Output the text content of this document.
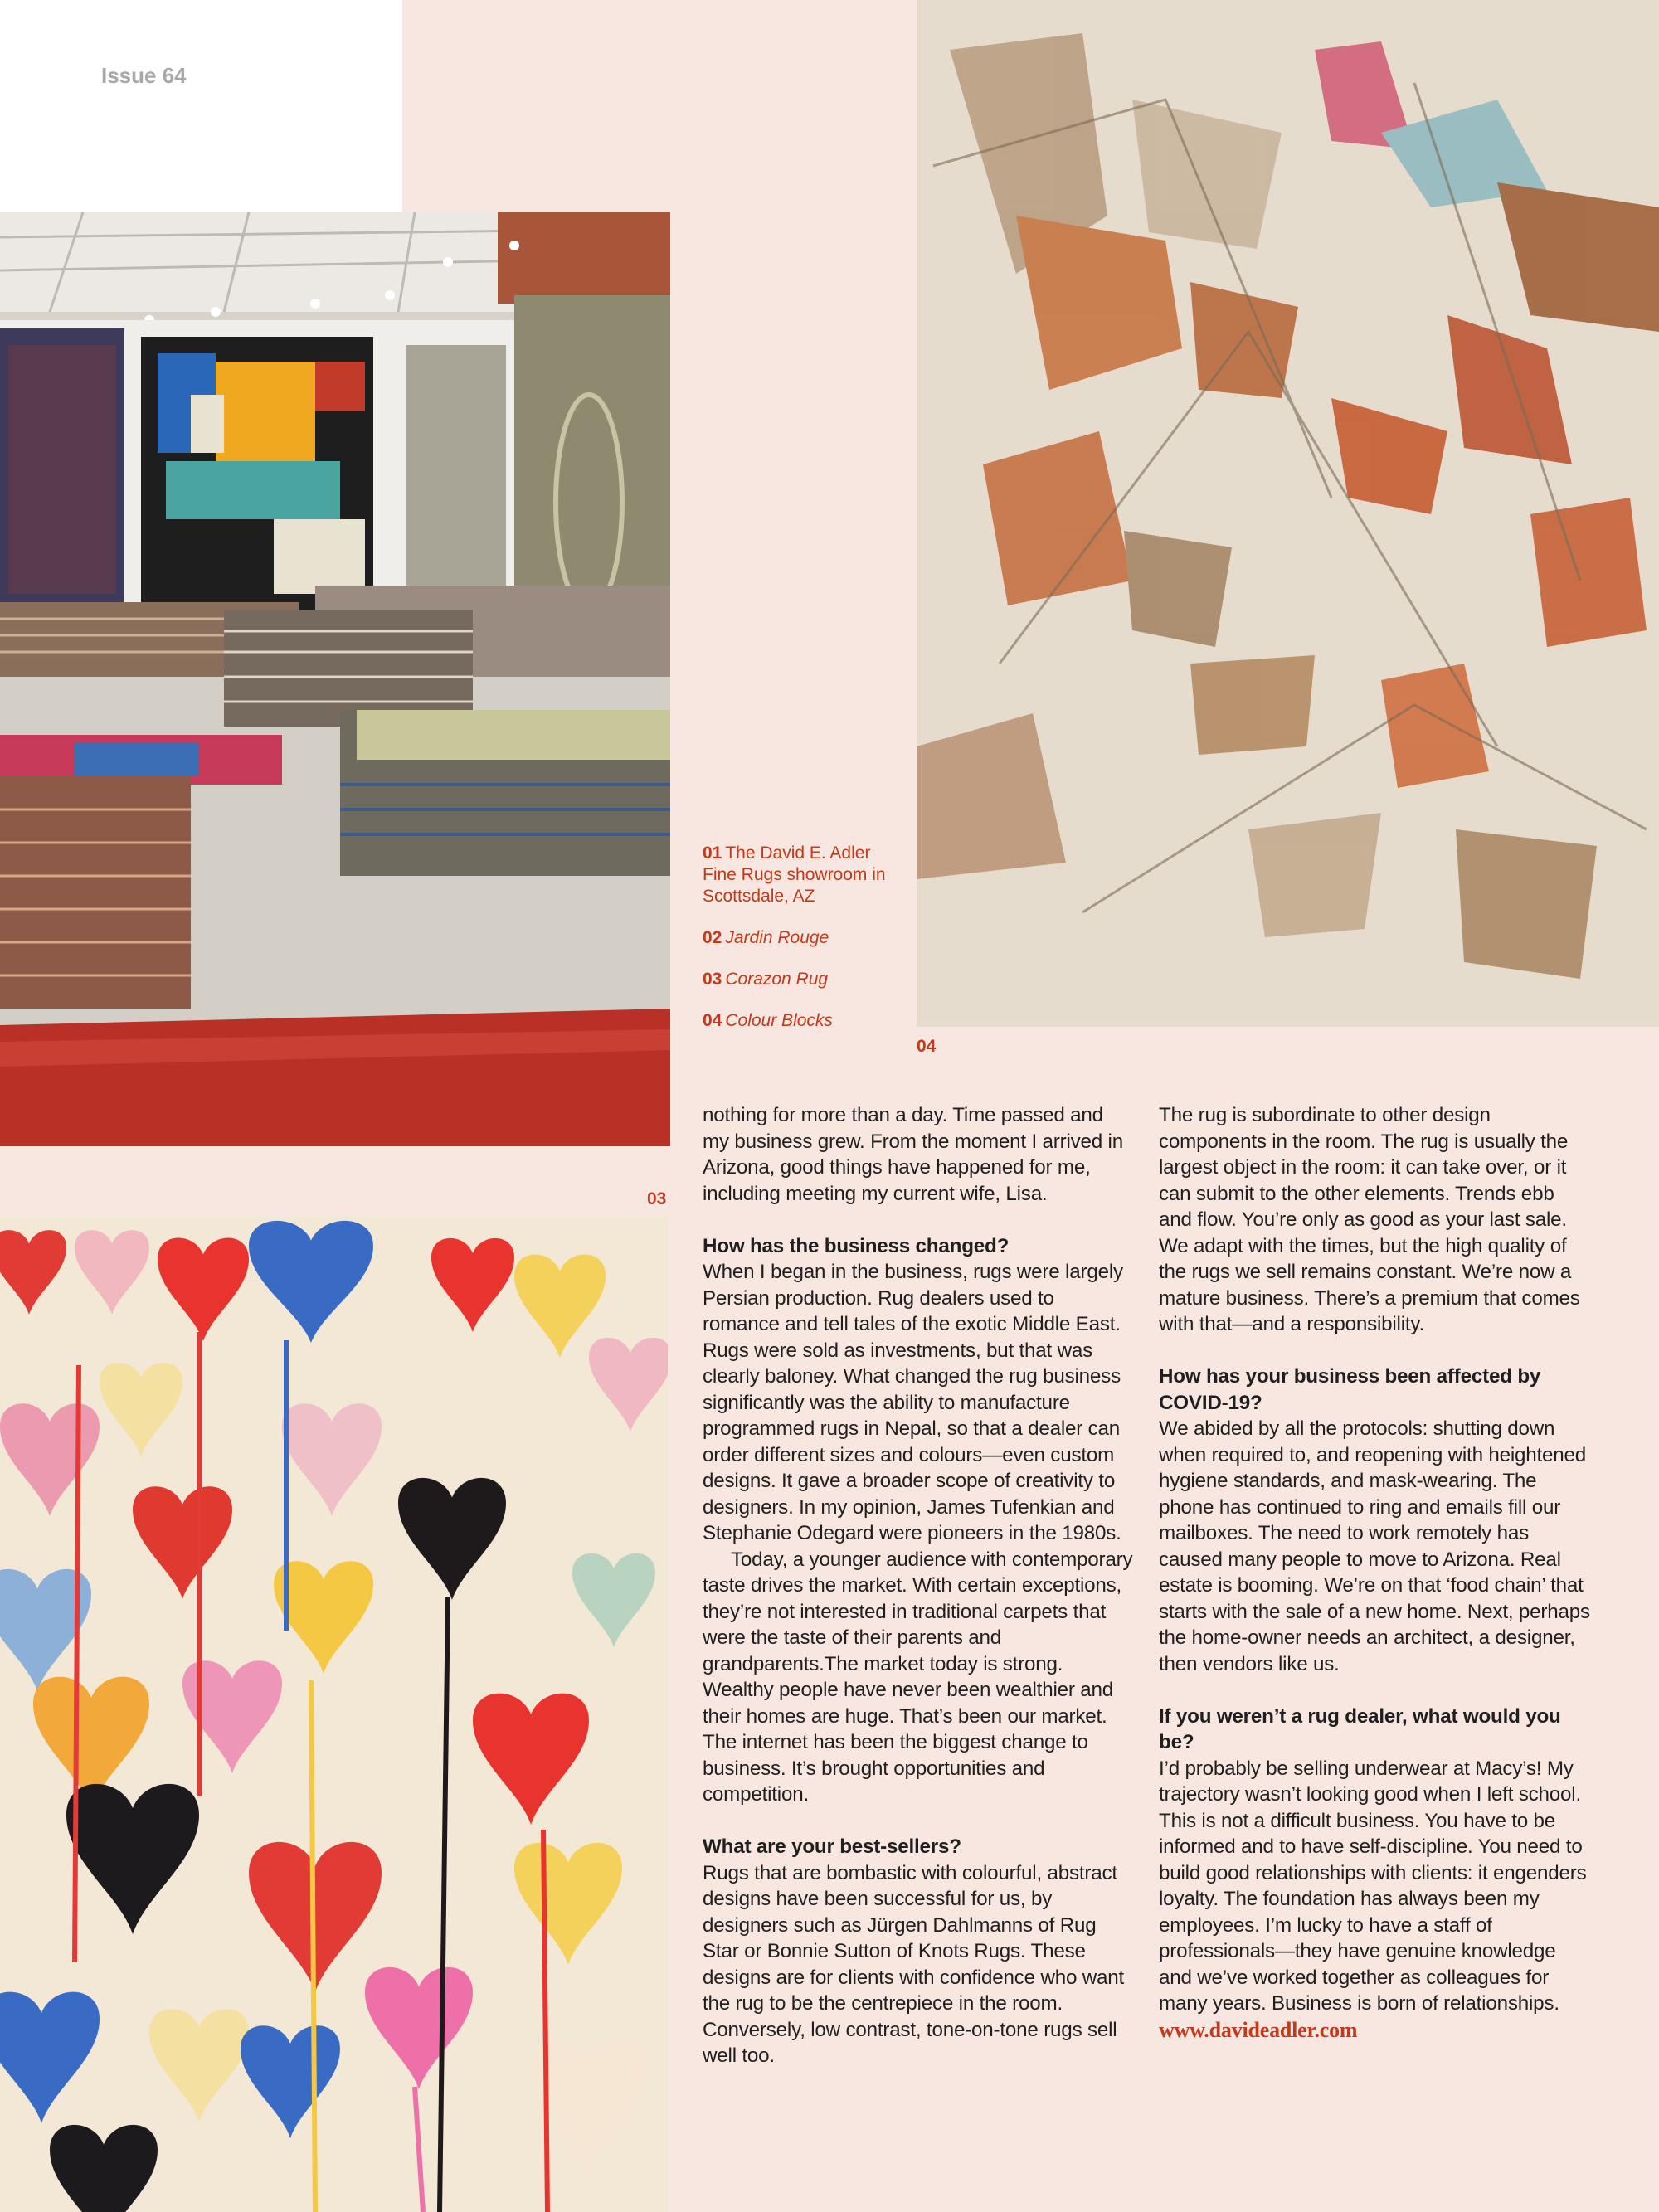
Issue 64
03
04
01 The David E. Adler Fine Rugs showroom in Scottsdale, AZ
02 Jardin Rouge
03 Corazon Rug
04 Colour Blocks

nothing for more than a day. Time passed and my business grew. From the moment I arrived in Arizona, good things have happened for me, including meeting my current wife, Lisa.

How has the business changed?

When I began in the business, rugs were largely Persian production. Rug dealers used to romance and tell tales of the exotic Middle East. Rugs were sold as investments, but that was clearly baloney. What changed the rug business significantly was the ability to manufacture programmed rugs in Nepal, so that a dealer can order different sizes and colours—even custom designs. It gave a broader scope of creativity to designers. In my opinion, James Tufenkian and Stephanie Odegard were pioneers in the 1980s.

Today, a younger audience with contemporary taste drives the market. With certain exceptions, they’re not interested in traditional carpets that were the taste of their parents and grandparents.The market today is strong. Wealthy people have never been wealthier and their homes are huge. That’s been our market. The internet has been the biggest change to business. It’s brought opportunities and competition.

What are your best-sellers?

Rugs that are bombastic with colourful, abstract designs have been successful for us, by designers such as Jürgen Dahlmanns of Rug Star or Bonnie Sutton of Knots Rugs. These designs are for clients with confidence who want the rug to be the centrepiece in the room. Conversely, low contrast, tone-on-tone rugs sell well too.

The rug is subordinate to other design components in the room. The rug is usually the largest object in the room: it can take over, or it can submit to the other elements. Trends ebb and flow. You’re only as good as your last sale. We adapt with the times, but the high quality of the rugs we sell remains constant. We’re now a mature business. There’s a premium that comes with that—and a responsibility.

How has your business been affected by COVID-19?

We abided by all the protocols: shutting down when required to, and reopening with heightened hygiene standards, and mask-wearing. The phone has continued to ring and emails fill our mailboxes. The need to work remotely has caused many people to move to Arizona. Real estate is booming. We’re on that ‘food chain’ that starts with the sale of a new home. Next, perhaps the home-owner needs an architect, a designer, then vendors like us.

If you weren’t a rug dealer, what would you be?

I’d probably be selling underwear at Macy’s! My trajectory wasn’t looking good when I left school. This is not a difficult business. You have to be informed and to have self-discipline. You need to build good relationships with clients: it engenders loyalty. The foundation has always been my employees. I’m lucky to have a staff of professionals—they have genuine knowledge and we’ve worked together as colleagues for many years. Business is born of relationships.

www.davideadler.com
